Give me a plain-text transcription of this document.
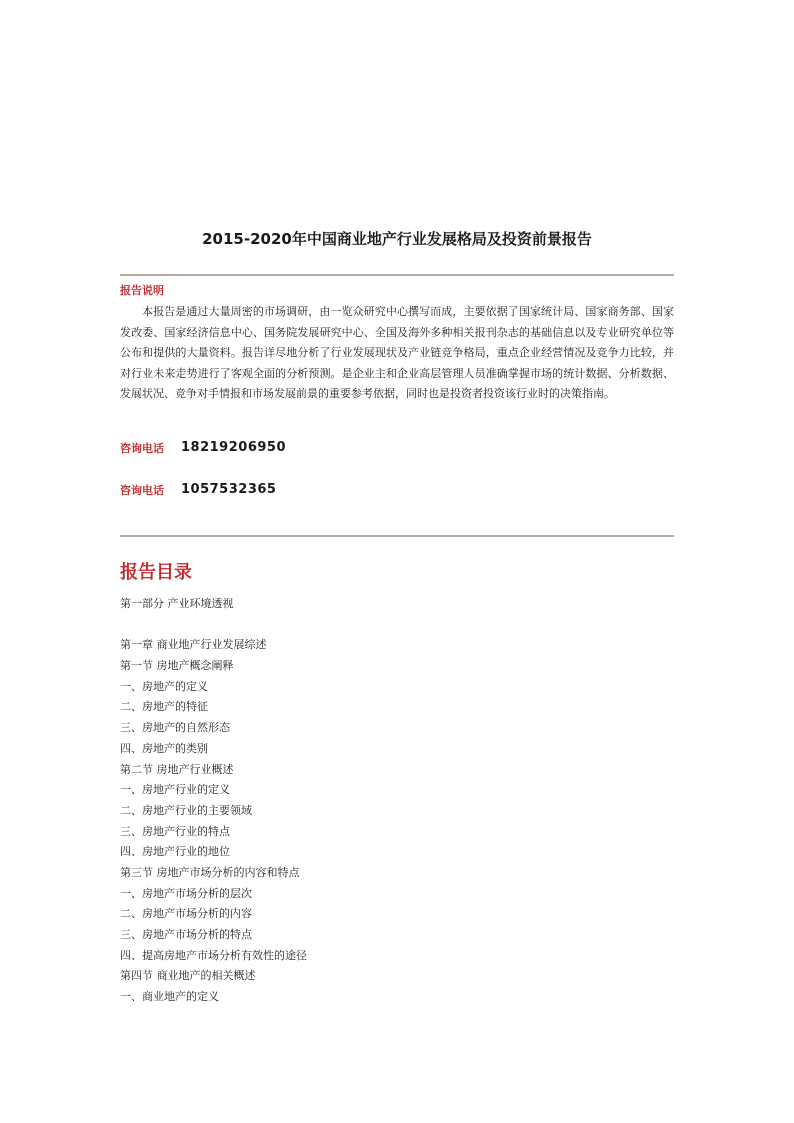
2015-2020年中国商业地产行业发展格局及投资前景报告
报告说明

本报告是通过大量周密的市场调研，由一览众研究中心撰写而成，主要依据了国家统计局、国家商务部、国家发改委、国家经济信息中心、国务院发展研究中心、全国及海外多种相关报刊杂志的基础信息以及专业研究单位等公布和提供的大量资料。报告详尽地分析了行业发展现状及产业链竞争格局，重点企业经营情况及竞争力比较，并对行业未来走势进行了客观全面的分析预测。是企业主和企业高层管理人员准确掌握市场的统计数据、分析数据、发展状况、竞争对手情报和市场发展前景的重要参考依据，同时也是投资者投资该行业时的决策指南。

咨询电话 18219206950
咨询电话 1057532365
报告目录
第一部分 产业环境透视
第一章 商业地产行业发展综述
第一节 房地产概念阐释
一、房地产的定义
二、房地产的特征
三、房地产的自然形态
四、房地产的类别
第二节 房地产行业概述
一、房地产行业的定义
二、房地产行业的主要领域
三、房地产行业的特点
四、房地产行业的地位
第三节 房地产市场分析的内容和特点
一、房地产市场分析的层次
二、房地产市场分析的内容
三、房地产市场分析的特点
四、提高房地产市场分析有效性的途径
第四节 商业地产的相关概述
一、商业地产的定义
